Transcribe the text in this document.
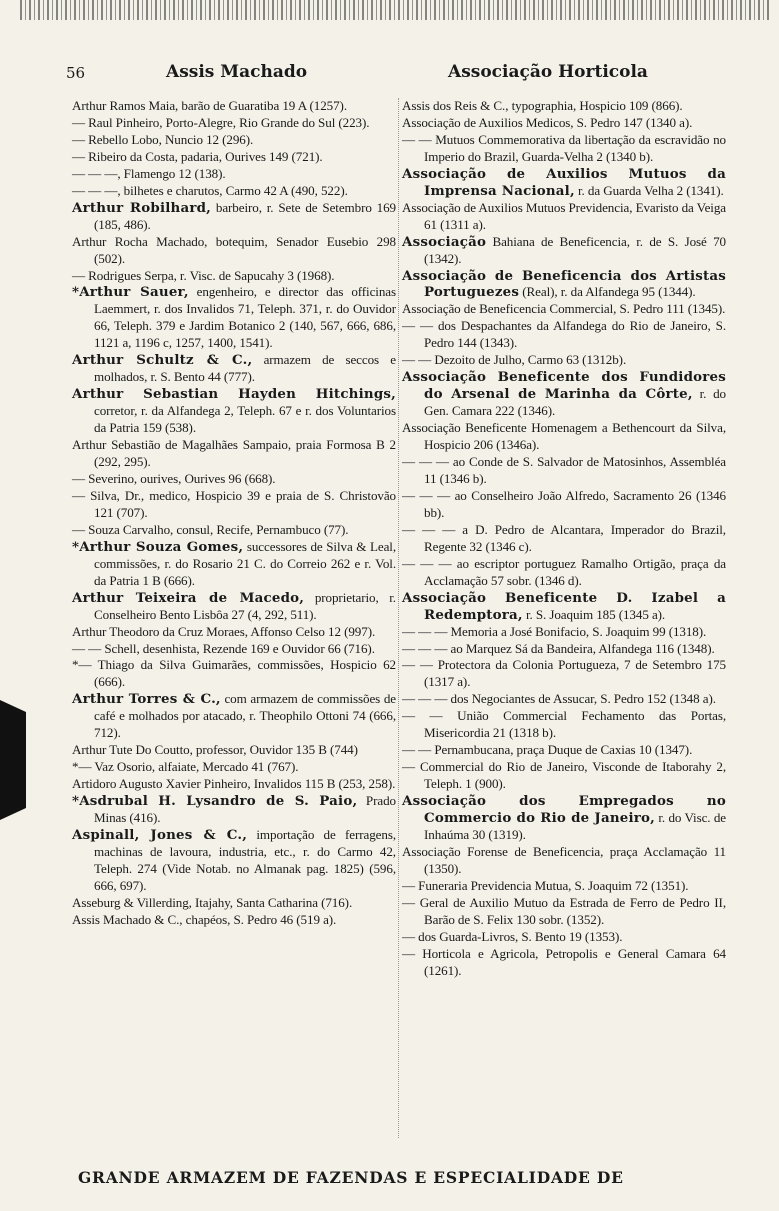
56	Assis Machado	Associação Horticola
Arthur Ramos Maia, barão de Guaratiba 19 A (1257).
— Raul Pinheiro, Porto-Alegre, Rio Grande do Sul (223).
— Rebello Lobo, Nuncio 12 (296).
— Ribeiro da Costa, padaria, Ourives 149 (721).
— — —, Flamengo 12 (138).
— — —, bilhetes e charutos, Carmo 42 A (490, 522).
Arthur Robilhard, barbeiro, r. Sete de Setembro 169 (185, 486).
Arthur Rocha Machado, botequim, Senador Eusebio 298 (502).
— Rodrigues Serpa, r. Visc. de Sapucahy 3 (1968).
*Arthur Sauer, engenheiro, e director das officinas Laemmert, r. dos Invalidos 71, Teleph. 371, r. do Ouvidor 66, Teleph. 379 e Jardim Botanico 2 (140, 567, 666, 686, 1121 a, 1196 c, 1257, 1400, 1541).
Arthur Schultz & C., armazem de seccos e molhados, r. S. Bento 44 (777).
Arthur Sebastian Hayden Hitchings, corretor, r. da Alfandega 2, Teleph. 67 e r. dos Voluntarios da Patria 159 (538).
Arthur Sebastião de Magalhães Sampaio, praia Formosa B 2 (292, 295).
— Severino, ourives, Ourives 96 (668).
— Silva, Dr., medico, Hospicio 39 e praia de S. Christovão 121 (707).
— Souza Carvalho, consul, Recife, Pernambuco (77).
*Arthur Souza Gomes, successores de Silva & Leal, commissões, r. do Rosario 21 C. do Correio 262 e r. Vol. da Patria 1 B (666).
Arthur Teixeira de Macedo, proprietario, r. Conselheiro Bento Lisbôa 27 (4, 292, 511).
Arthur Theodoro da Cruz Moraes, Affonso Celso 12 (997).
— — Schell, desenhista, Rezende 169 e Ouvidor 66 (716).
*— Thiago da Silva Guimarães, commissões, Hospicio 62 (666).
Arthur Torres & C., com armazem de commissões de café e molhados por atacado, r. Theophilo Ottoni 74 (666, 712).
Arthur Tute Do Coutto, professor, Ouvidor 135 B (744)
*— Vaz Osorio, alfaiate, Mercado 41 (767).
Artidoro Augusto Xavier Pinheiro, Invalidos 115 B (253, 258).
*Asdrubal H. Lysandro de S. Paio, Prado Minas (416).
Aspinall, Jones & C., importação de ferragens, machinas de lavoura, industria, etc., r. do Carmo 42, Teleph. 274 (Vide Notab. no Almanak pag. 1825) (596, 666, 697).
Asseburg & Villerding, Itajahy, Santa Catharina (716).
Assis Machado & C., chapéos, S. Pedro 46 (519 a).
Assis dos Reis & C., typographia, Hospicio 109 (866).
Associação de Auxilios Medicos, S. Pedro 147 (1340 a).
— — Mutuos Commemorativa da libertação da escravidão no Imperio do Brazil, Guarda-Velha 2 (1340 b).
Associação de Auxilios Mutuos da Imprensa Nacional, r. da Guarda Velha 2 (1341).
Associação de Auxilios Mutuos Previdencia, Evaristo da Veiga 61 (1311 a).
Associação Bahiana de Beneficencia, r. de S. José 70 (1342).
Associação de Beneficencia dos Artistas Portuguezes (Real), r. da Alfandega 95 (1344).
Associação de Beneficencia Commercial, S. Pedro 111 (1345).
— — dos Despachantes da Alfandega do Rio de Janeiro, S. Pedro 144 (1343).
— — Dezoito de Julho, Carmo 63 (1312b).
Associação Beneficente dos Fundidores do Arsenal de Marinha da Côrte, r. do Gen. Camara 222 (1346).
Associação Beneficente Homenagem a Bethencourt da Silva, Hospicio 206 (1346a).
— — — ao Conde de S. Salvador de Matosinhos, Assembléa 11 (1346 b).
— — — ao Conselheiro João Alfredo, Sacramento 26 (1346 bb).
— — — a D. Pedro de Alcantara, Imperador do Brazil, Regente 32 (1346 c).
— — — ao escriptor portuguez Ramalho Ortigão, praça da Acclamação 57 sobr. (1346 d).
Associação Beneficente D. Izabel a Redemptora, r. S. Joaquim 185 (1345 a).
— — — Memoria a José Bonifacio, S. Joaquim 99 (1318).
— — — ao Marquez Sá da Bandeira, Alfandega 116 (1348).
— — Protectora da Colonia Portugueza, 7 de Setembro 175 (1317 a).
— — — dos Negociantes de Assucar, S. Pedro 152 (1348 a).
— — União Commercial Fechamento das Portas, Misericordia 21 (1318 b).
— — Pernambucana, praça Duque de Caxias 10 (1347).
— Commercial do Rio de Janeiro, Visconde de Itaborahy 2, Teleph. 1 (900).
Associação dos Empregados no Commercio do Rio de Janeiro, r. do Visc. de Inhaúma 30 (1319).
Associação Forense de Beneficencia, praça Acclamação 11 (1350).
— Funeraria Previdencia Mutua, S. Joaquim 72 (1351).
— Geral de Auxilio Mutuo da Estrada de Ferro de Pedro II, Barão de S. Felix 130 sobr. (1352).
— dos Guarda-Livros, S. Bento 19 (1353).
— Horticola e Agricola, Petropolis e General Camara 64 (1261).
GRANDE ARMAZEM DE FAZENDAS E ESPECIALIDADE DE
